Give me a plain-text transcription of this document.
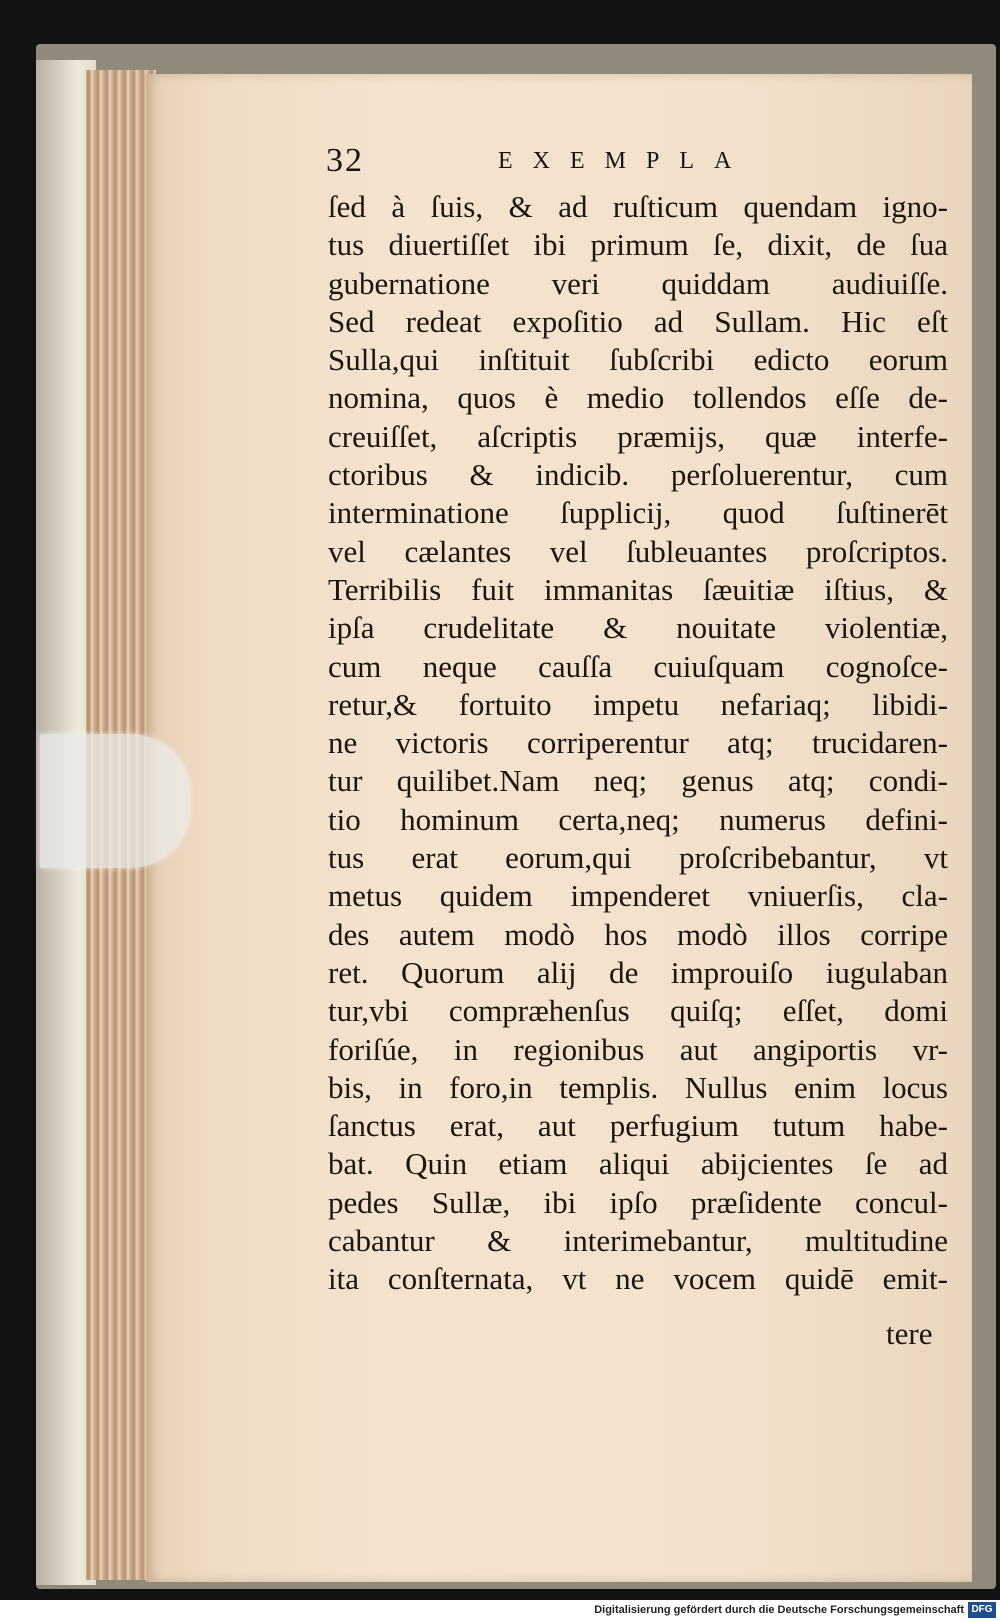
32	EXEMPLA
ſed à ſuis, & ad ruſticum quendam igno-
tus diuertiſſet ibi primum ſe, dixit, de ſua
gubernatione veri quiddam audiuiſſe.
Sed redeat expoſitio ad Sullam. Hic eſt
Sulla,qui inſtituit ſubſcribi edicto eorum
nomina, quos è medio tollendos eſſe de-
creuiſſet, aſcriptis præmijs, quæ interfe-
ctoribus & indicib. perſoluerentur, cum
interminatione ſupplicij, quod ſuſtinerēt
vel cælantes vel ſubleuantes proſcriptos.
Terribilis fuit immanitas ſæuitiæ iſtius, &
ipſa crudelitate & nouitate violentiæ,
cum neque cauſſa cuiuſquam cognoſce-
retur,& fortuito impetu nefariaq; libidi-
ne victoris corriperentur atq; trucidaren-
tur quilibet.Nam neq; genus atq; condi-
tio hominum certa,neq; numerus defini-
tus erat eorum,qui proſcribebantur, vt
metus quidem impenderet vniuerſis, cla-
des autem modò hos modò illos corripe
ret. Quorum alij de improuiſo iugulaban
tur,vbi compræhenſus quiſq; eſſet, domi
foriſúe, in regionibus aut angiportis vr-
bis, in foro,in templis. Nullus enim locus
ſanctus erat, aut perfugium tutum habe-
bat. Quin etiam aliqui abijcientes ſe ad
pedes Sullæ, ibi ipſo præſidente concul-
cabantur & interimebantur, multitudine
ita conſternata, vt ne vocem quidē emit-
tere
Digitalisierung gefördert durch die Deutsche Forschungsgemeinschaft DFG
